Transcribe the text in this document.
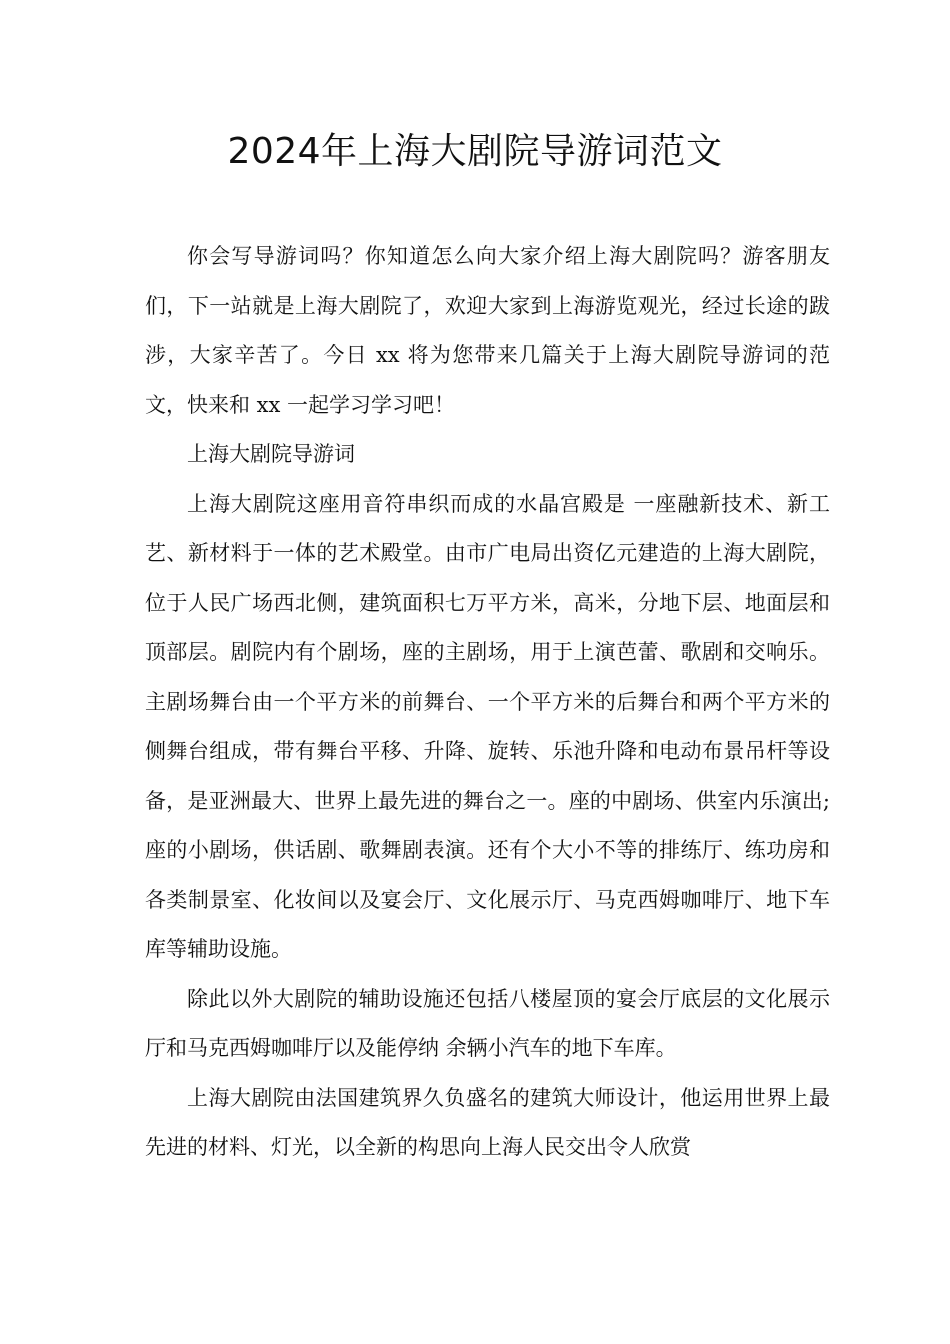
2024年上海大剧院导游词范文

你会写导游词吗？你知道怎么向大家介绍上海大剧院吗？游客朋友们，下一站就是上海大剧院了，欢迎大家到上海游览观光，经过长途的跋涉，大家辛苦了。今日 xx 将为您带来几篇关于上海大剧院导游词的范文，快来和 xx 一起学习学习吧！

上海大剧院导游词

上海大剧院这座用音符串织而成的水晶宫殿是 一座融新技术、新工艺、新材料于一体的艺术殿堂。由市广电局出资亿元建造的上海大剧院，位于人民广场西北侧，建筑面积七万平方米，高米，分地下层、地面层和顶部层。剧院内有个剧场，座的主剧场，用于上演芭蕾、歌剧和交响乐。主剧场舞台由一个平方米的前舞台、一个平方米的后舞台和两个平方米的侧舞台组成，带有舞台平移、升降、旋转、乐池升降和电动布景吊杆等设备，是亚洲最大、世界上最先进的舞台之一。座的中剧场、供室内乐演出;座的小剧场，供话剧、歌舞剧表演。还有个大小不等的排练厅、练功房和各类制景室、化妆间以及宴会厅、文化展示厅、马克西姆咖啡厅、地下车库等辅助设施。

除此以外大剧院的辅助设施还包括八楼屋顶的宴会厅底层的文化展示厅和马克西姆咖啡厅以及能停纳 余辆小汽车的地下车库。

上海大剧院由法国建筑界久负盛名的建筑大师设计，他运用世界上最先进的材料、灯光，以全新的构思向上海人民交出令人欣赏
